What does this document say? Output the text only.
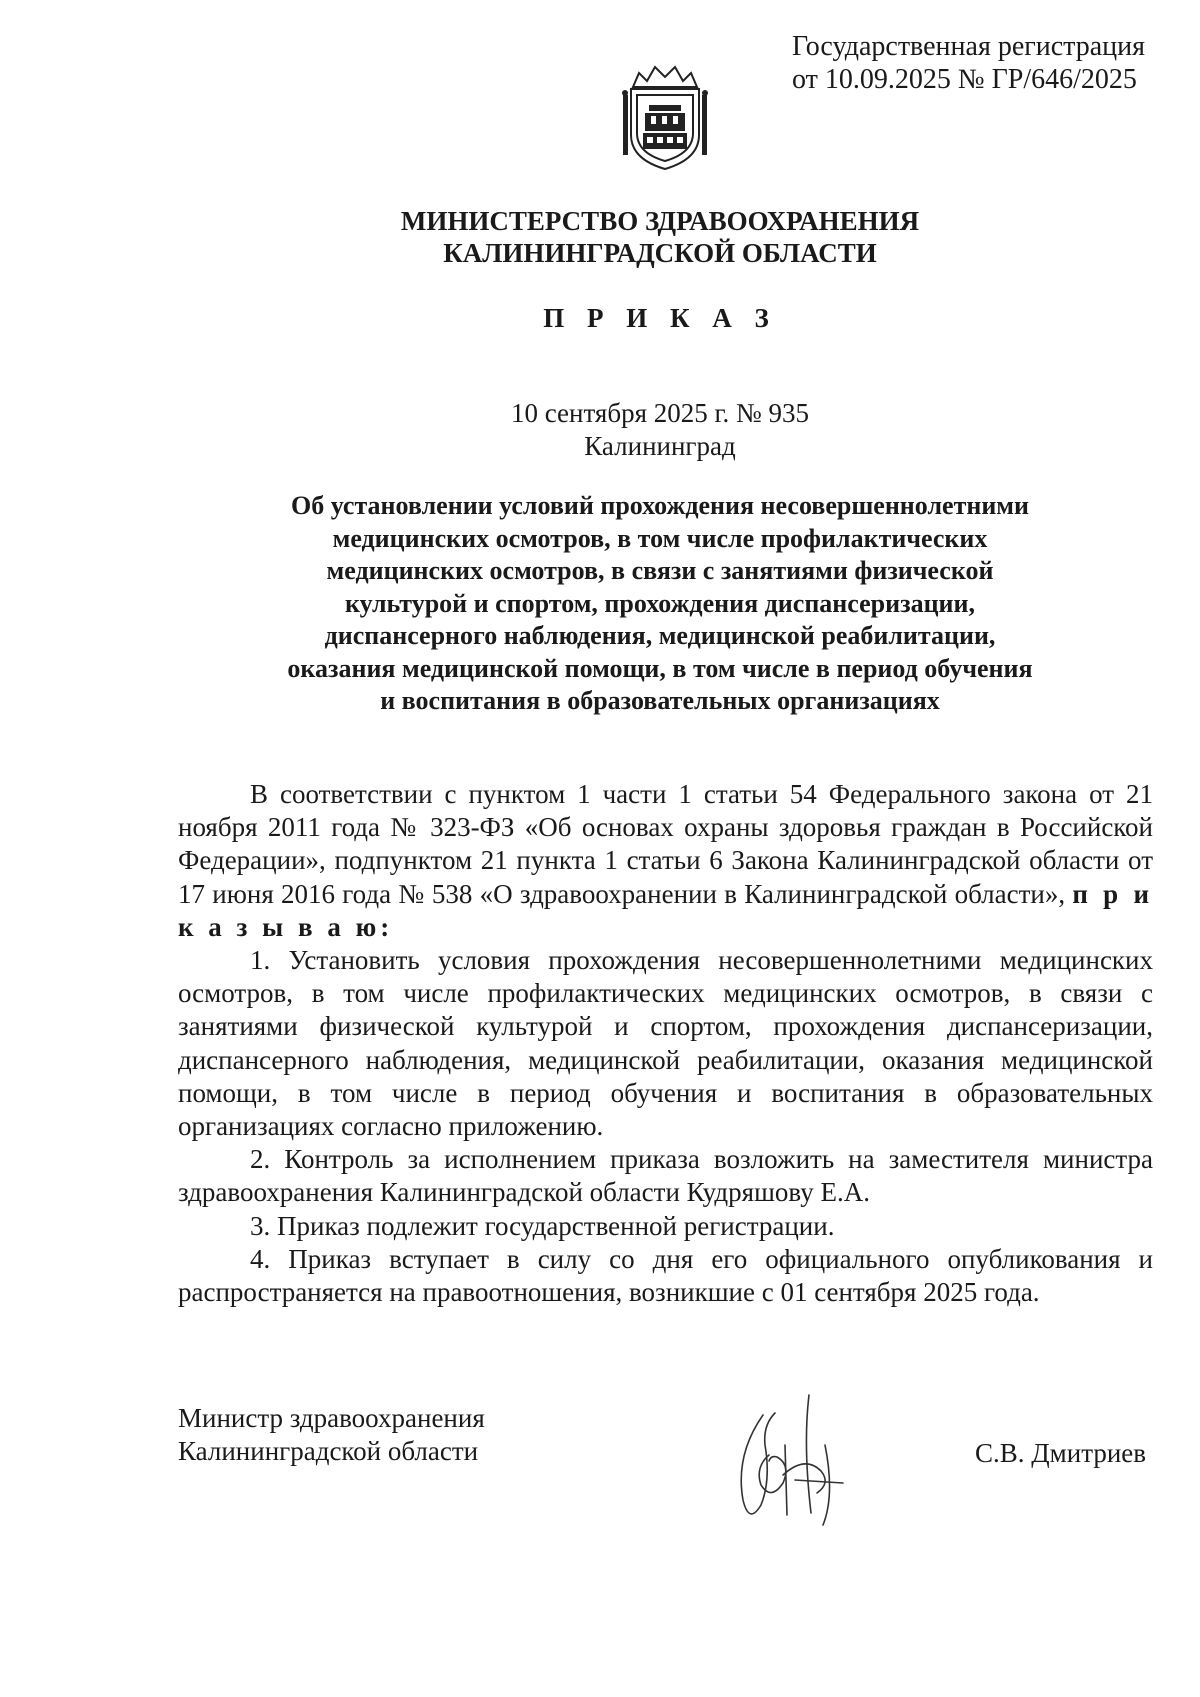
Государственная регистрация
от 10.09.2025 № ГР/646/2025
МИНИСТЕРСТВО ЗДРАВООХРАНЕНИЯ
КАЛИНИНГРАДСКОЙ ОБЛАСТИ
П Р И К А З
10 сентября 2025 г. № 935
Калининград
Об установлении условий прохождения несовершеннолетними
медицинских осмотров, в том числе профилактических
медицинских осмотров, в связи с занятиями физической
культурой и спортом, прохождения диспансеризации,
диспансерного наблюдения, медицинской реабилитации,
оказания медицинской помощи, в том числе в период обучения
и воспитания в образовательных организациях

В соответствии с пунктом 1 части 1 статьи 54 Федерального закона от 21 ноября 2011 года № 323-ФЗ «Об основах охраны здоровья граждан в Российской Федерации», подпунктом 21 пункта 1 статьи 6 Закона Калининградской области от 17 июня 2016 года № 538 «О здравоохранении в Калининградской области», п р и к а з ы в а ю:

1. Установить условия прохождения несовершеннолетними медицинских осмотров, в том числе профилактических медицинских осмотров, в связи с занятиями физической культурой и спортом, прохождения диспансеризации, диспансерного наблюдения, медицинской реабилитации, оказания медицинской помощи, в том числе в период обучения и воспитания в образовательных организациях согласно приложению.

2. Контроль за исполнением приказа возложить на заместителя министра здравоохранения Калининградской области Кудряшову Е.А.

3. Приказ подлежит государственной регистрации.

4. Приказ вступает в силу со дня его официального опубликования и распространяется на правоотношения, возникшие с 01 сентября 2025 года.

Министр здравоохранения
Калининградской области	С.В. Дмитриев
